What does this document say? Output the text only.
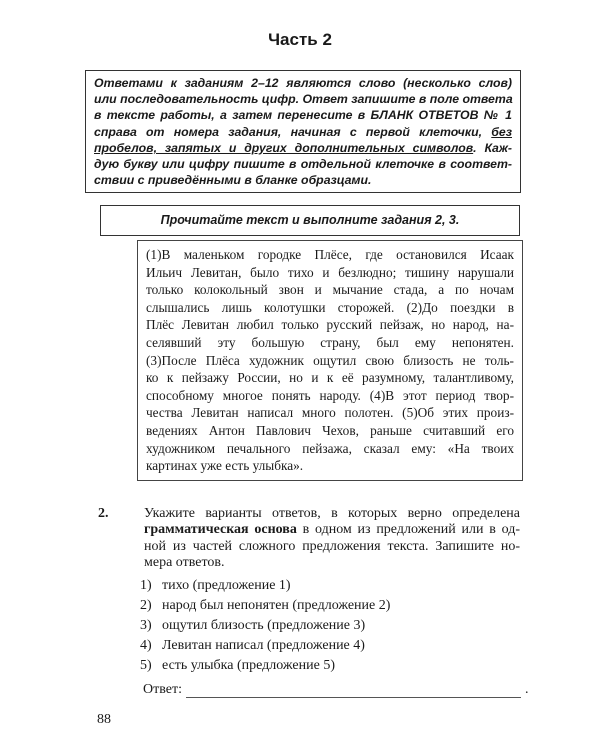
Часть 2
Ответами к заданиям 2–12 являются слово (несколько слов)
или последовательность цифр. Ответ запишите в поле ответа
в тексте работы, а затем перенесите в БЛАНК ОТВЕТОВ № 1
справа от номера задания, начиная с первой клеточки, без
пробелов, запятых и других дополнительных символов. Каж-
дую букву или цифру пишите в отдельной клеточке в соответ-
ствии с приведёнными в бланке образцами.
Прочитайте текст и выполните задания 2, 3.
(1)В маленьком городке Плёсе, где остановился Исаак
Ильич Левитан, было тихо и безлюдно; тишину нарушали
только колокольный звон и мычание стада, а по ночам
слышались лишь колотушки сторожей. (2)До поездки в
Плёс Левитан любил только русский пейзаж, но народ, на-
селявший эту большую страну, был ему непонятен.
(3)После Плёса художник ощутил свою близость не толь-
ко к пейзажу России, но и к её разумному, талантливому,
способному многое понять народу. (4)В этот период твор-
чества Левитан написал много полотен. (5)Об этих произ-
ведениях Антон Павлович Чехов, раньше считавший его
художником печального пейзажа, сказал ему: «На твоих
картинах уже есть улыбка».
2.	Укажите варианты ответов, в которых верно определена
грамматическая основа в одном из предложений или в од-
ной из частей сложного предложения текста. Запишите но-
мера ответов.
1) тихо (предложение 1)
2) народ был непонятен (предложение 2)
3) ощутил близость (предложение 3)
4) Левитан написал (предложение 4)
5) есть улыбка (предложение 5)
Ответ:	.
88
